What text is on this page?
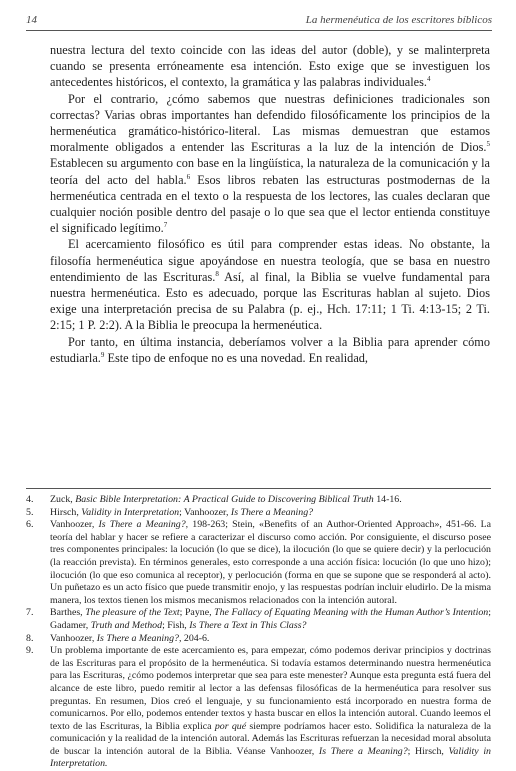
14	La hermenéutica de los escritores bíblicos

nuestra lectura del texto coincide con las ideas del autor (doble), y se malinterpreta cuando se presenta erróneamente esa intención. Esto exige que se investiguen los antecedentes históricos, el contexto, la gramática y las palabras individuales.$^4$

Por el contrario, ¿cómo sabemos que nuestras definiciones tradicionales son correctas? Varias obras importantes han defendido filosóficamente los principios de la hermenéutica gramático-histórico-literal. Las mismas demuestran que estamos moralmente obligados a entender las Escrituras a la luz de la intención de Dios.$^5$ Establecen su argumento con base en la lingüística, la naturaleza de la comunicación y la teoría del acto del habla.$^6$ Esos libros rebaten las estructuras postmodernas de la hermenéutica centrada en el texto o la respuesta de los lectores, las cuales declaran que cualquier noción posible dentro del pasaje o lo que sea que el lector entienda constituye el significado legítimo.$^7$

El acercamiento filosófico es útil para comprender estas ideas. No obstante, la filosofía hermenéutica sigue apoyándose en nuestra teología, que se basa en nuestro entendimiento de las Escrituras.$^8$ Así, al final, la Biblia se vuelve fundamental para nuestra hermenéutica. Esto es adecuado, porque las Escrituras hablan al sujeto. Dios exige una interpretación precisa de su Palabra (p. ej., Hch. 17:11; 1 Ti. 4:13-15; 2 Ti. 2:15; 1 P. 2:2). A la Biblia le preocupa la hermenéutica.

Por tanto, en última instancia, deberíamos volver a la Biblia para aprender cómo estudiarla.$^9$ Este tipo de enfoque no es una novedad. En realidad,

4.	Zuck, Basic Bible Interpretation: A Practical Guide to Discovering Biblical Truth 14-16.
5.	Hirsch, Validity in Interpretation; Vanhoozer, Is There a Meaning?
6.	Vanhoozer, Is There a Meaning?, 198-263; Stein, «Benefits of an Author-Oriented Approach», 451-66. La teoría del hablar y hacer se refiere a caracterizar el discurso como acción. Por consiguiente, el discurso posee tres componentes principales: la locución (lo que se dice), la ilocución (lo que se quiere decir) y la perlocución (la reacción prevista). En términos generales, esto corresponde a una acción física: locución (lo que uno hizo); ilocución (lo que eso comunica al receptor), y perlocución (forma en que se supone que se responderá al acto). Un puñetazo es un acto físico que puede transmitir enojo, y las respuestas podrían incluir eludirlo. De la misma manera, los textos tienen los mismos mecanismos relacionados con la intención autoral.
7.	Barthes, The pleasure of the Text; Payne, The Fallacy of Equating Meaning with the Human Author’s Intention; Gadamer, Truth and Method; Fish, Is There a Text in This Class?
8.	Vanhoozer, Is There a Meaning?, 204-6.
9.	Un problema importante de este acercamiento es, para empezar, cómo podemos derivar principios y doctrinas de las Escrituras para el propósito de la hermenéutica. Si todavía estamos determinando nuestra hermenéutica para las Escrituras, ¿cómo podemos interpretar que sea para este menester? Aunque esta pregunta está fuera del alcance de este libro, puedo remitir al lector a las defensas filosóficas de la hermenéutica para resolver sus preguntas. En resumen, Dios creó el lenguaje, y su funcionamiento está incorporado en nuestra forma de comunicarnos. Por ello, podemos entender textos y hasta buscar en ellos la intención autoral. Cuando leemos el texto de las Escrituras, la Biblia explica por qué siempre podríamos hacer esto. Solidifica la naturaleza de la comunicación y la realidad de la intención autoral. Además las Escrituras refuerzan la necesidad moral absoluta de buscar la intención autoral de la Biblia. Véanse Vanhoozer, Is There a Meaning?; Hirsch, Validity in Interpretation.
